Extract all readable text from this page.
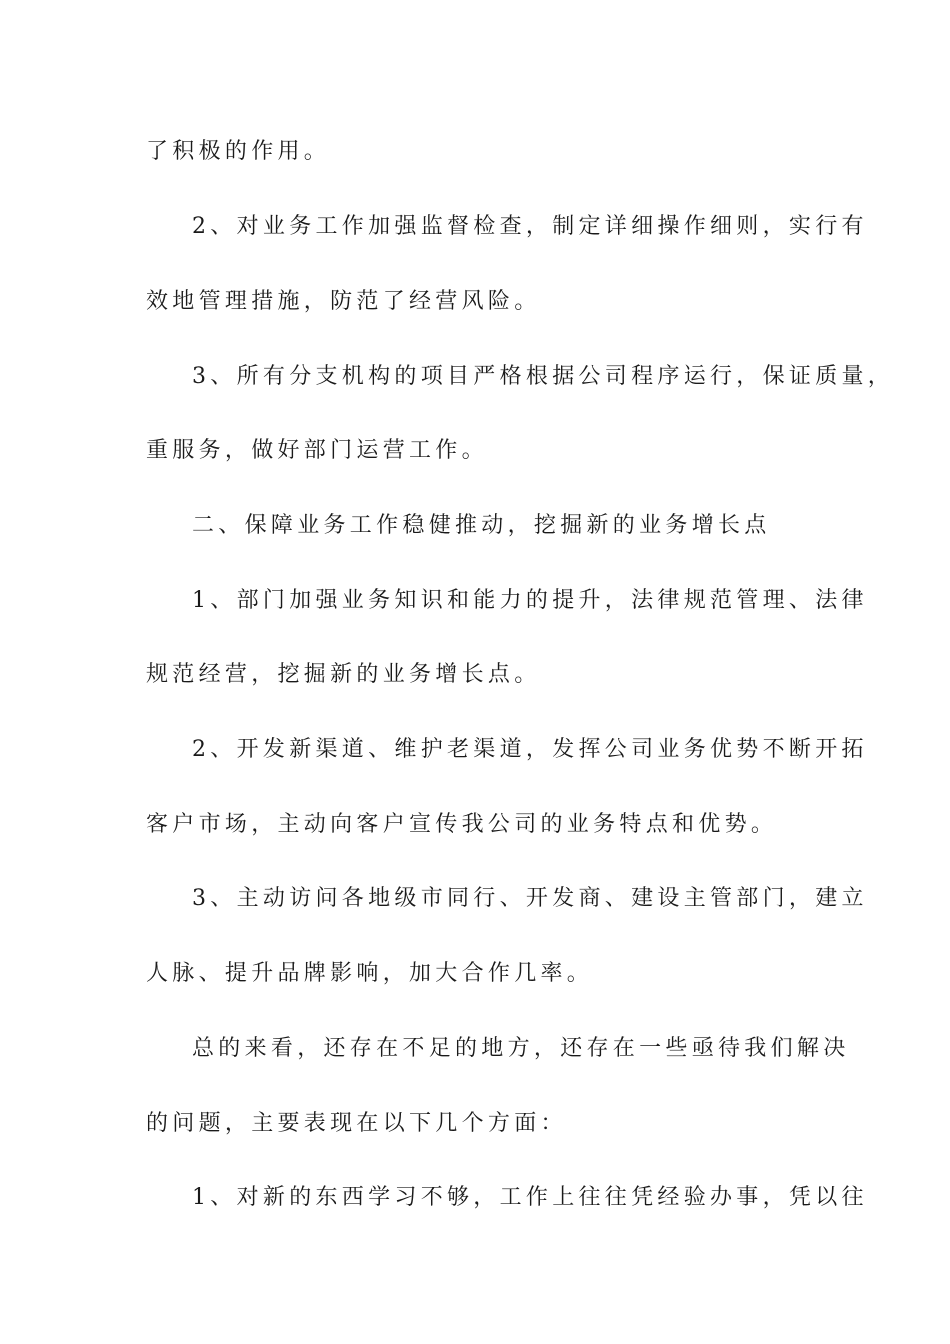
了积极的作用。
2、对业务工作加强监督检查，制定详细操作细则，实行有
效地管理措施，防范了经营风险。
3、所有分支机构的项目严格根据公司程序运行，保证质量，
重服务，做好部门运营工作。
二、保障业务工作稳健推动，挖掘新的业务增长点
1、部门加强业务知识和能力的提升，法律规范管理、法律
规范经营，挖掘新的业务增长点。
2、开发新渠道、维护老渠道，发挥公司业务优势不断开拓
客户市场，主动向客户宣传我公司的业务特点和优势。
3、主动访问各地级市同行、开发商、建设主管部门，建立
人脉、提升品牌影响，加大合作几率。
总的来看，还存在不足的地方，还存在一些亟待我们解决
的问题，主要表现在以下几个方面：
1、对新的东西学习不够，工作上往往凭经验办事，凭以往
